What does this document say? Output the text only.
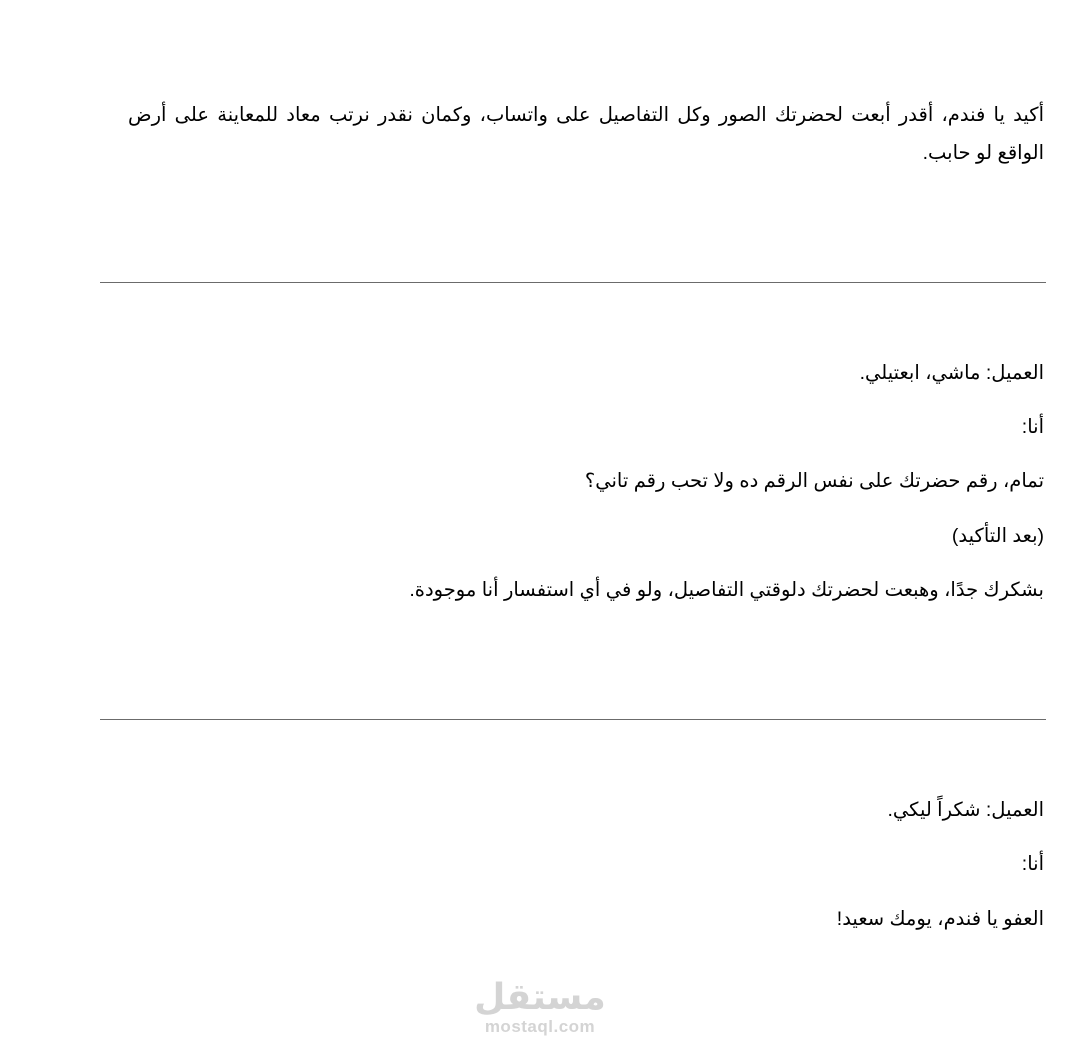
أكيد يا فندم، أقدر أبعت لحضرتك الصور وكل التفاصيل على واتساب، وكمان نقدر نرتب معاد للمعاينة على أرض الواقع لو حابب.

العميل: ماشي، ابعتيلي.

أنا:

تمام، رقم حضرتك على نفس الرقم ده ولا تحب رقم تاني؟

(بعد التأكيد)

بشكرك جدًا، وهبعت لحضرتك دلوقتي التفاصيل، ولو في أي استفسار أنا موجودة.

العميل: شكراً ليكي.

أنا:

العفو يا فندم، يومك سعيد!

مستقل
mostaql.com
